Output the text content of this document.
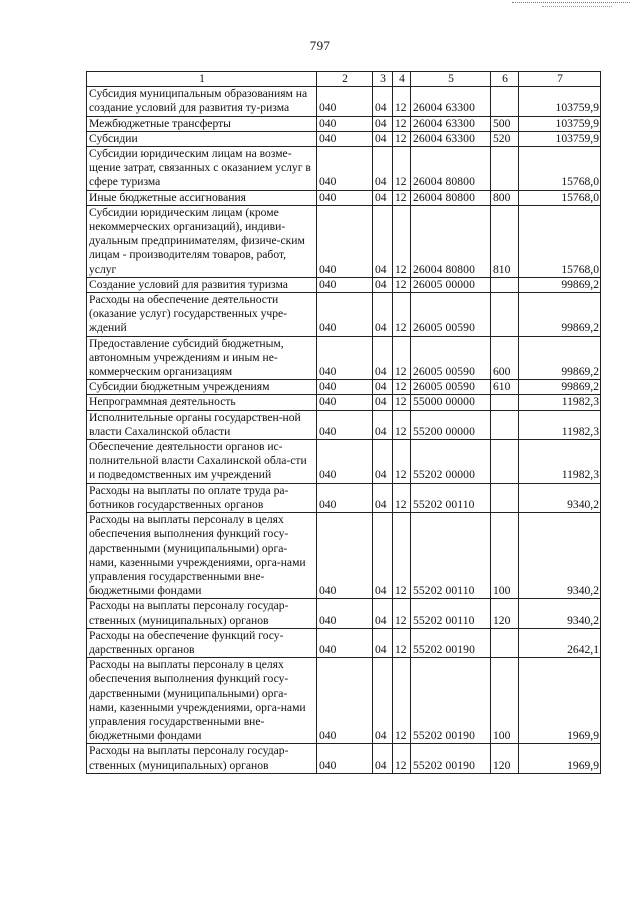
797
1	2	3	4	5	6	7
Субсидия муниципальным образованиям на создание условий для развития ту-ризма	040	04	12	26004 63300		103759,9
Межбюджетные трансферты	040	04	12	26004 63300	500	103759,9
Субсидии	040	04	12	26004 63300	520	103759,9
Субсидии юридическим лицам на возме-щение затрат, связанных с оказанием услуг в сфере туризма	040	04	12	26004 80800		15768,0
Иные бюджетные ассигнования	040	04	12	26004 80800	800	15768,0
Субсидии юридическим лицам (кроме некоммерческих организаций), индиви-дуальным предпринимателям, физиче-ским лицам - производителям товаров, работ, услуг	040	04	12	26004 80800	810	15768,0
Создание условий для развития туризма	040	04	12	26005 00000		99869,2
Расходы на обеспечение деятельности (оказание услуг) государственных учре-ждений	040	04	12	26005 00590		99869,2
Предоставление субсидий бюджетным, автономным учреждениям и иным не-коммерческим организациям	040	04	12	26005 00590	600	99869,2
Субсидии бюджетным учреждениям	040	04	12	26005 00590	610	99869,2
Непрограммная деятельность	040	04	12	55000 00000		11982,3
Исполнительные органы государствен-ной власти Сахалинской области	040	04	12	55200 00000		11982,3
Обеспечение деятельности органов ис-полнительной власти Сахалинской обла-сти и подведомственных им учреждений	040	04	12	55202 00000		11982,3
Расходы на выплаты по оплате труда ра-ботников государственных органов	040	04	12	55202 00110		9340,2
Расходы на выплаты персоналу в целях обеспечения выполнения функций госу-дарственными (муниципальными) орга-нами, казенными учреждениями, орга-нами управления государственными вне-бюджетными фондами	040	04	12	55202 00110	100	9340,2
Расходы на выплаты персоналу государ-ственных (муниципальных) органов	040	04	12	55202 00110	120	9340,2
Расходы на обеспечение функций госу-дарственных органов	040	04	12	55202 00190		2642,1
Расходы на выплаты персоналу в целях обеспечения выполнения функций госу-дарственными (муниципальными) орга-нами, казенными учреждениями, орга-нами управления государственными вне-бюджетными фондами	040	04	12	55202 00190	100	1969,9
Расходы на выплаты персоналу государ-ственных (муниципальных) органов	040	04	12	55202 00190	120	1969,9
